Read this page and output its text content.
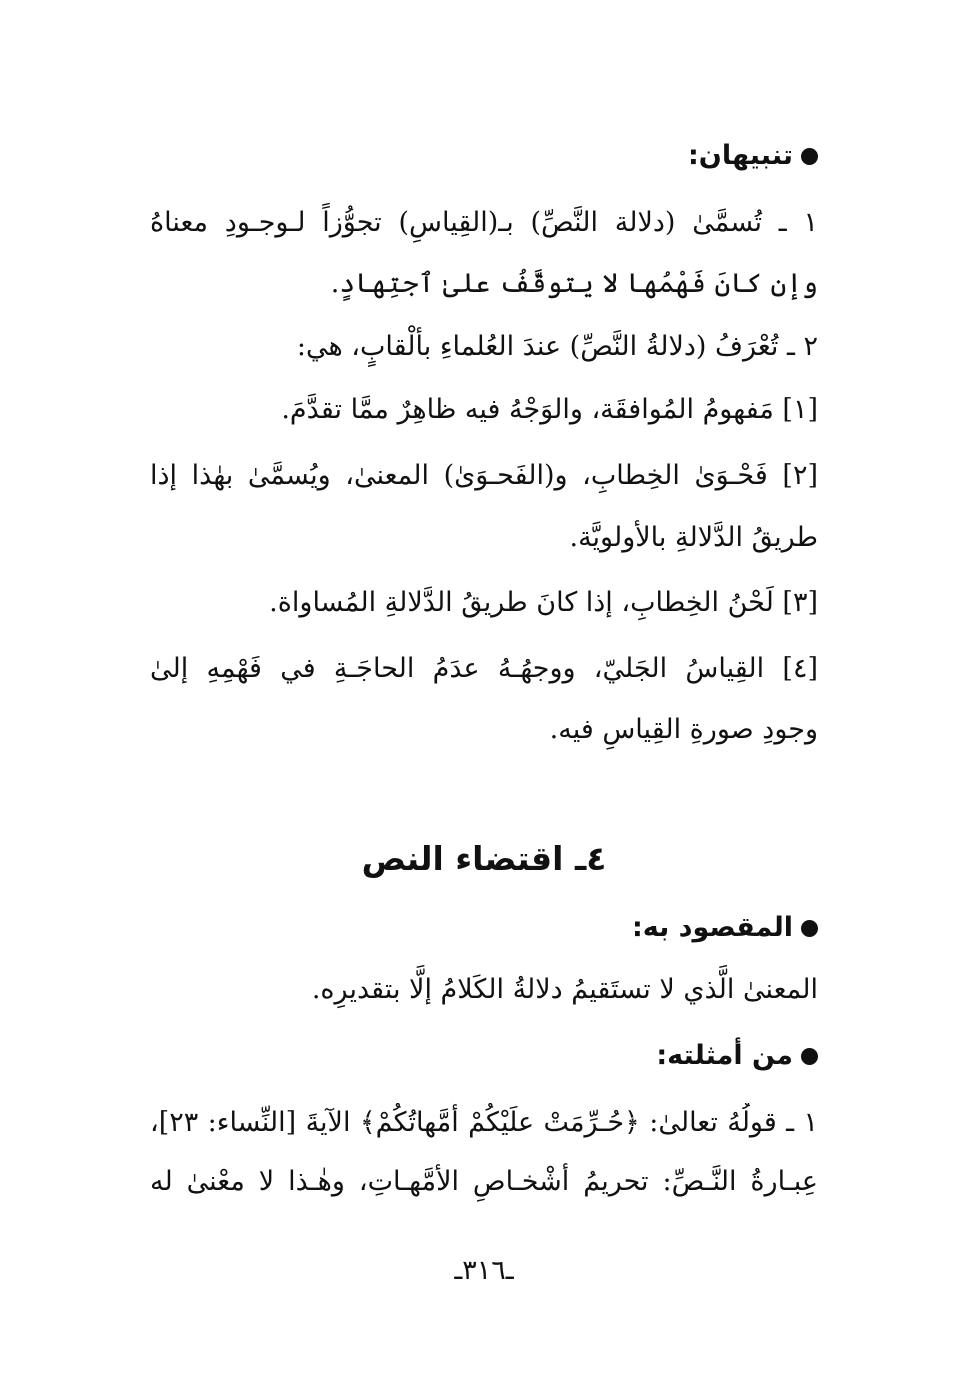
تنبيهان:
١ ـ تُسمَّىٰ (دلالة النَّصِّ) بـ(القِياسِ) تجوُّزاً لـوجـودِ معناهُ
وإن كانَ فَهْمُها لا يتوقَّفُ علىٰ ٱجتِهادٍ.
٢ ـ تُعْرَفُ (دلالةُ النَّصِّ) عندَ العُلماءِ بألْقابٍ، هي:
[١] مَفهومُ المُوافقَة، والوَجْهُ فيه ظاهِرٌ ممَّا تقدَّمَ.
[٢] فَحْـوَىٰ الخِطابِ، و(الفَحـوَىٰ) المعنىٰ، ويُسمَّىٰ بهٰذا إذا
طريقُ الدَّلالةِ بالأولويَّة.
[٣] لَحْنُ الخِطابِ، إذا كانَ طريقُ الدَّلالةِ المُساواة.
[٤] القِياسُ الجَليّ، ووجهُـهُ عدَمُ الحاجَـةِ في فَهْمِهِ إلىٰ
وجودِ صورةِ القِياسِ فيه.
٤ـ اقتضاء النص
المقصود به:
المعنىٰ الَّذي لا تستَقيمُ دلالةُ الكَلامُ إلَّا بتقديرِه.
من أمثلته:
١ ـ قولُهُ تعالىٰ: ﴿حُـرِّمَتْ علَيْكُمْ أُمَّهاتُكُمْ﴾ الآيةَ [النِّساء: ٢٣]،
عِبـارةُ النَّـصِّ: تحريمُ أَشْخـاصِ الأمَّهـاتِ، وهٰـذا لا معْنىٰ له
ـ٣١٦ـ
